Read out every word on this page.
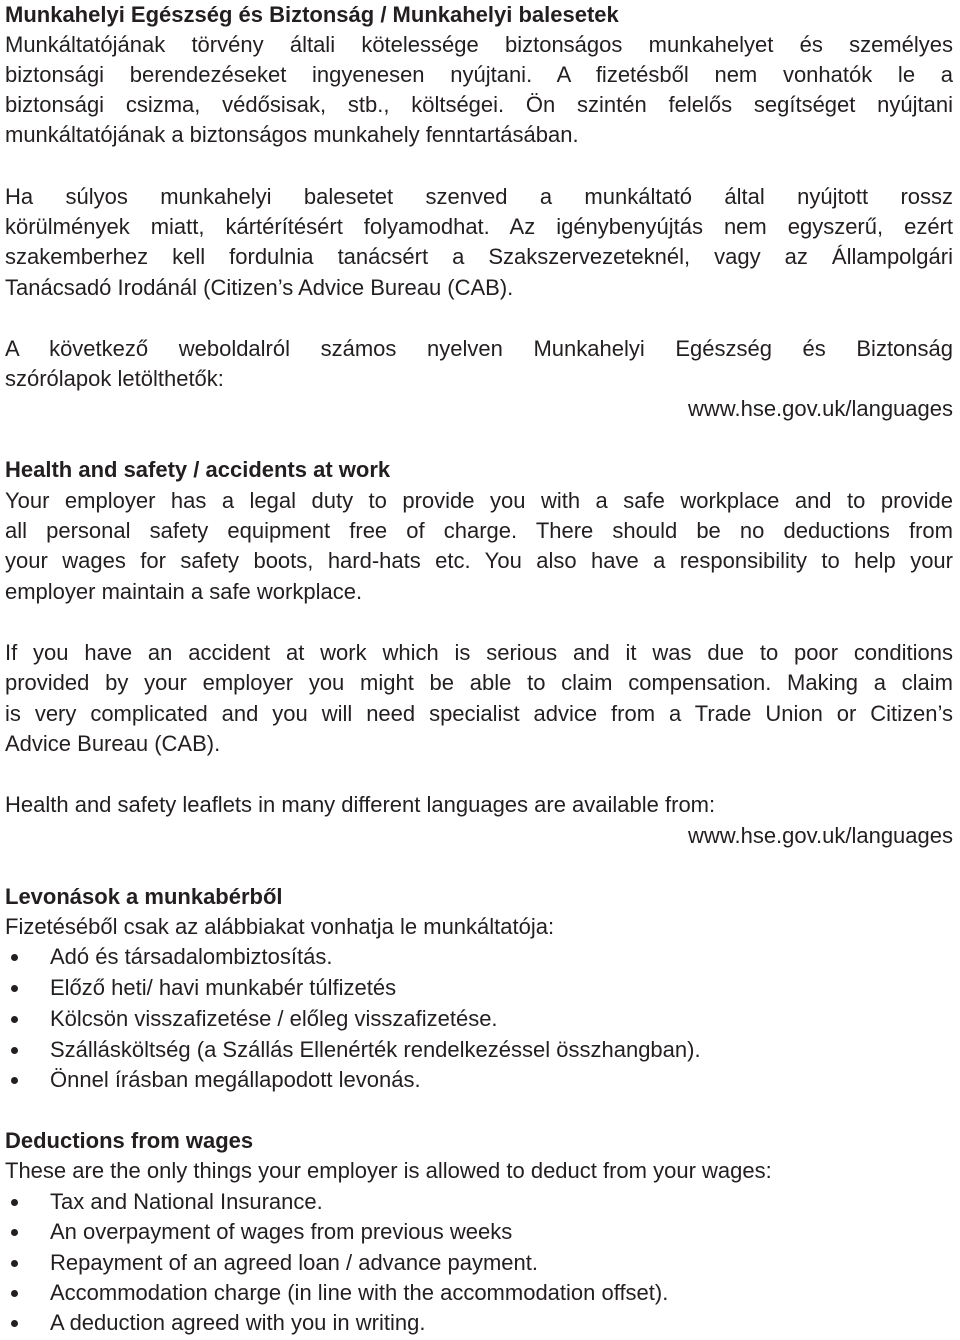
Munkahelyi Egészség és Biztonság / Munkahelyi balesetek
Munkáltatójának törvény általi kötelessége biztonságos munkahelyet és személyes
biztonsági berendezéseket ingyenesen nyújtani. A fizetésből nem vonhatók le a
biztonsági csizma, védősisak, stb., költségei. Ön szintén felelős segítséget nyújtani
munkáltatójának a biztonságos munkahely fenntartásában.
Ha súlyos munkahelyi balesetet szenved a munkáltató által nyújtott rossz
körülmények miatt, kártérítésért folyamodhat. Az igénybenyújtás nem egyszerű, ezért
szakemberhez kell fordulnia tanácsért a Szakszervezeteknél, vagy az Állampolgári
Tanácsadó Irodánál (Citizen’s Advice Bureau (CAB).
A következő weboldalról számos nyelven Munkahelyi Egészség és Biztonság
szórólapok letölthetők:
www.hse.gov.uk/languages
Health and safety / accidents at work
Your employer has a legal duty to provide you with a safe workplace and to provide
all personal safety equipment free of charge. There should be no deductions from
your wages for safety boots, hard-hats etc. You also have a responsibility to help your
employer maintain a safe workplace.
If you have an accident at work which is serious and it was due to poor conditions
provided by your employer you might be able to claim compensation. Making a claim
is very complicated and you will need specialist advice from a Trade Union or Citizen’s
Advice Bureau (CAB).
Health and safety leaflets in many different languages are available from:
www.hse.gov.uk/languages
Levonások a munkabérből
Fizetéséből csak az alábbiakat vonhatja le munkáltatója:
Adó és társadalombiztosítás.
Előző heti/ havi munkabér túlfizetés
Kölcsön visszafizetése / előleg visszafizetése.
Szállásköltség (a Szállás Ellenérték rendelkezéssel összhangban).
Önnel írásban megállapodott levonás.
Deductions from wages
These are the only things your employer is allowed to deduct from your wages:
Tax and National Insurance.
An overpayment of wages from previous weeks
Repayment of an agreed loan / advance payment.
Accommodation charge (in line with the accommodation offset).
A deduction agreed with you in writing.
